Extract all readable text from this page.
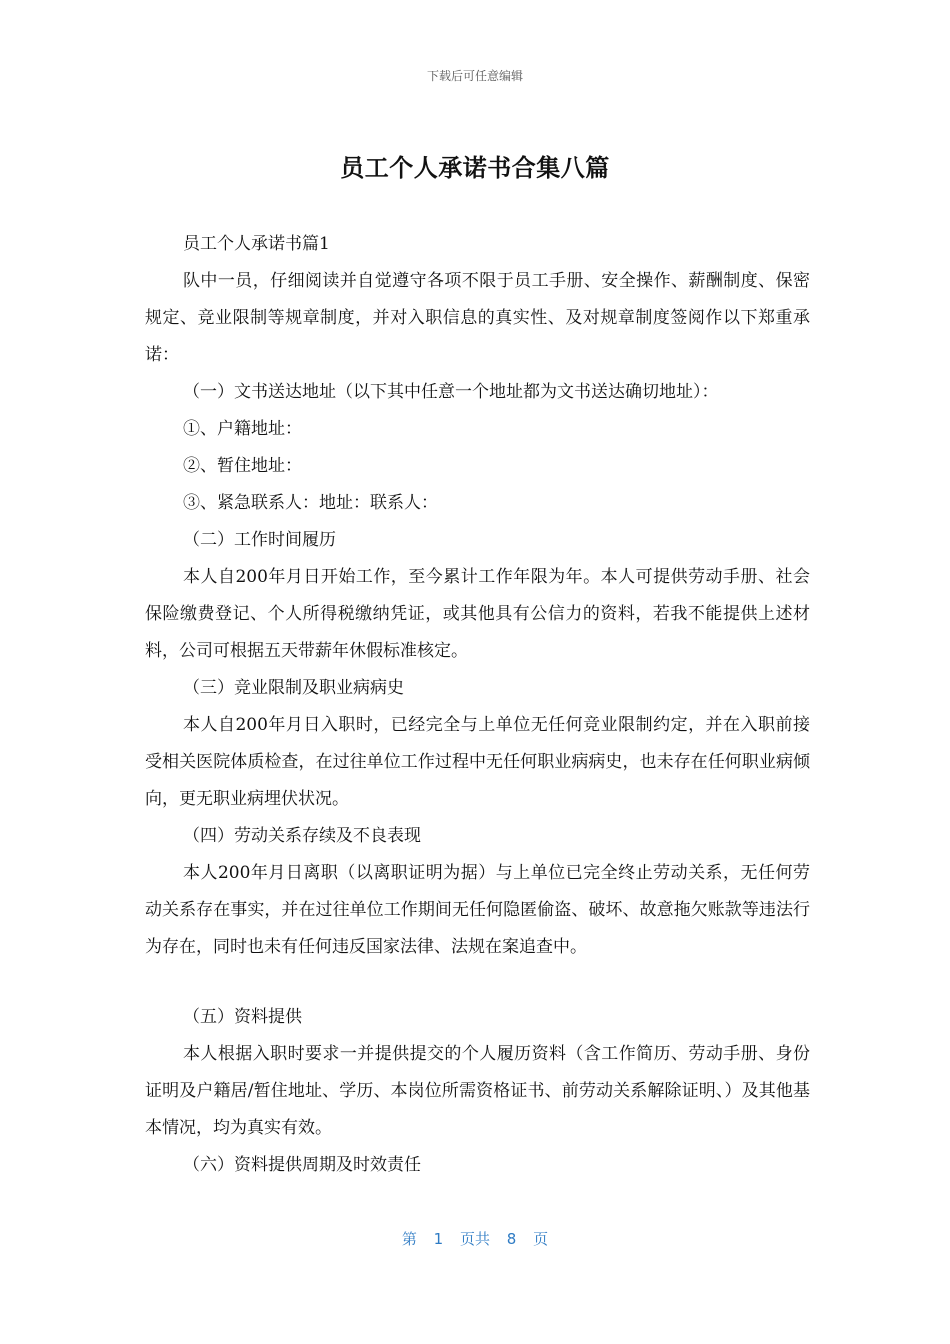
下载后可任意编辑
员工个人承诺书合集八篇

员工个人承诺书篇1

队中一员，仔细阅读并自觉遵守各项不限于员工手册、安全操作、薪酬制度、保密规定、竞业限制等规章制度，并对入职信息的真实性、及对规章制度签阅作以下郑重承诺：

（一）文书送达地址（以下其中任意一个地址都为文书送达确切地址）：

①、户籍地址：

②、暂住地址：

③、紧急联系人：地址：联系人：

（二）工作时间履历

本人自200年月日开始工作，至今累计工作年限为年。本人可提供劳动手册、社会保险缴费登记、个人所得税缴纳凭证，或其他具有公信力的资料，若我不能提供上述材料，公司可根据五天带薪年休假标准核定。

（三）竞业限制及职业病病史

本人自200年月日入职时，已经完全与上单位无任何竞业限制约定，并在入职前接受相关医院体质检查，在过往单位工作过程中无任何职业病病史，也未存在任何职业病倾向，更无职业病埋伏状况。

（四）劳动关系存续及不良表现

本人200年月日离职（以离职证明为据）与上单位已完全终止劳动关系，无任何劳动关系存在事实，并在过往单位工作期间无任何隐匿偷盗、破坏、故意拖欠账款等违法行为存在，同时也未有任何违反国家法律、法规在案追查中。

（五）资料提供

本人根据入职时要求一并提供提交的个人履历资料（含工作简历、劳动手册、身份证明及户籍居/暂住地址、学历、本岗位所需资格证书、前劳动关系解除证明、）及其他基本情况，均为真实有效。

（六）资料提供周期及时效责任

第 1 页共 8 页
